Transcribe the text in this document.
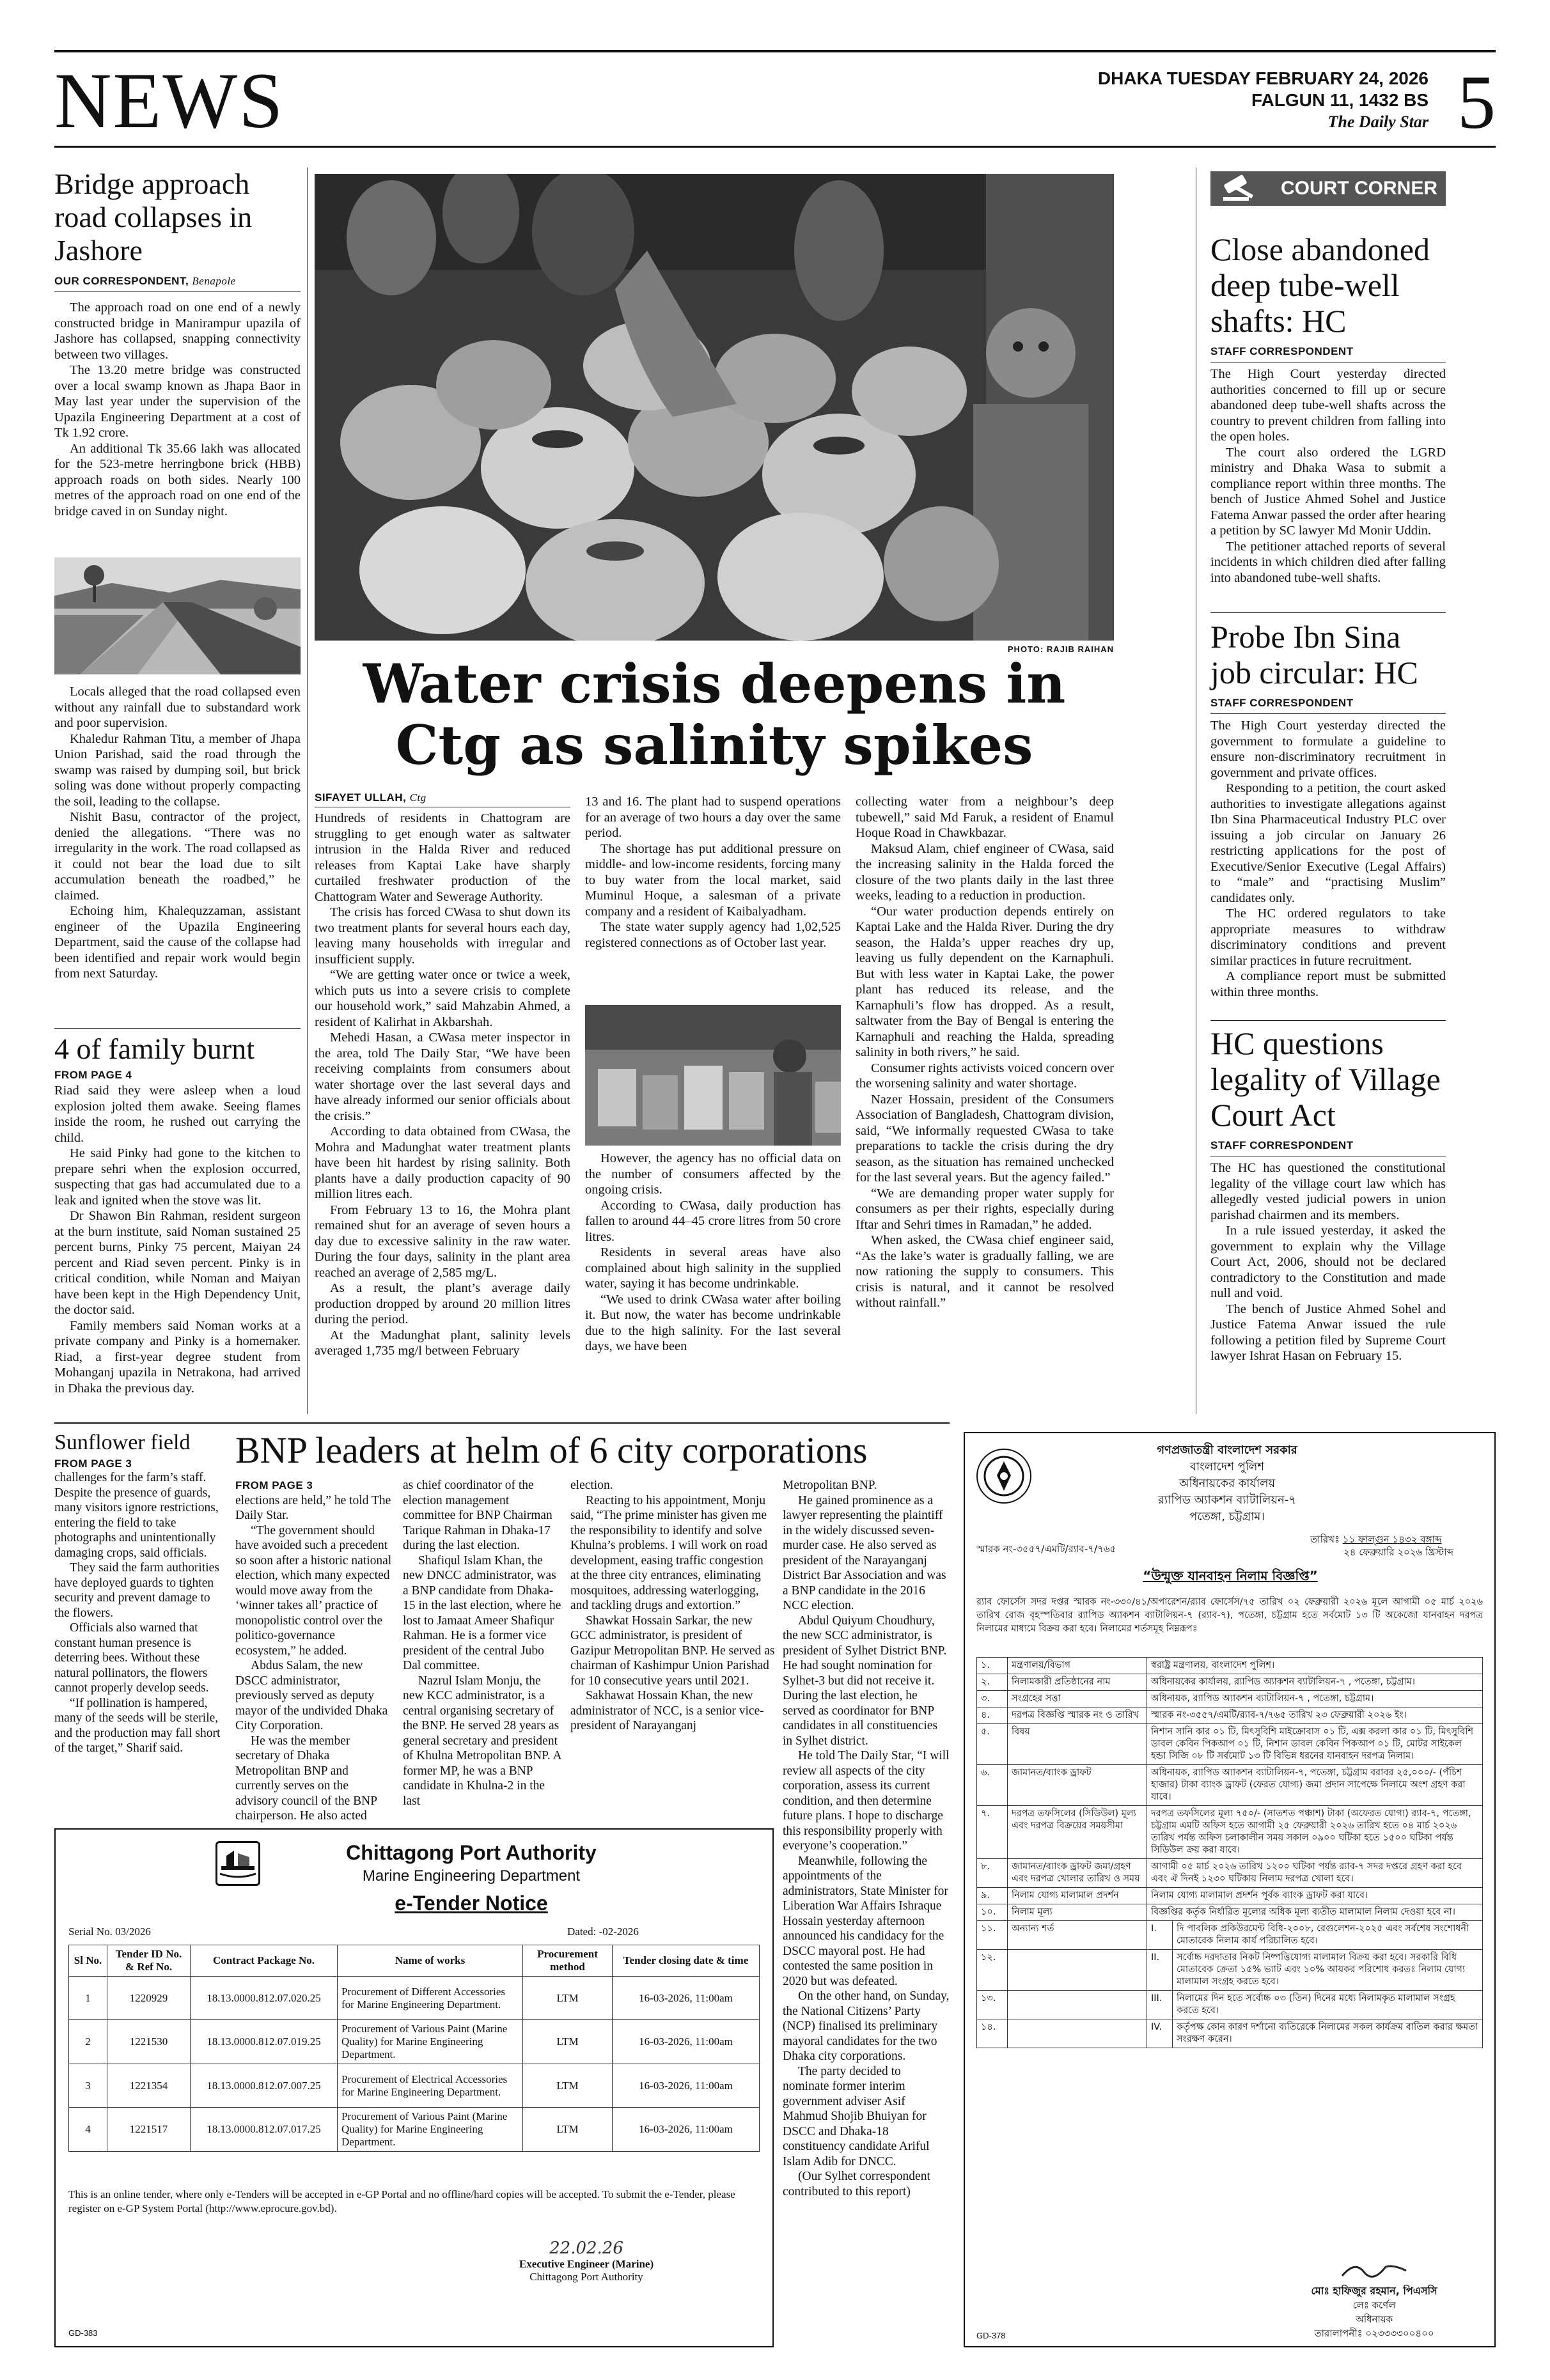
NEWS	DHAKA TUESDAY FEBRUARY 24, 2026
FALGUN 11, 1432 BS
The Daily Star 5
Bridge approach road collapses in Jashore
OUR CORRESPONDENT, Benapole

The approach road on one end of a newly constructed bridge in Manirampur upazila of Jashore has collapsed, snapping connectivity between two villages.

The 13.20 metre bridge was constructed over a local swamp known as Jhapa Baor in May last year under the supervision of the Upazila Engineering Department at a cost of Tk 1.92 crore.

An additional Tk 35.66 lakh was allocated for the 523-metre herringbone brick (HBB) approach roads on both sides. Nearly 100 metres of the approach road on one end of the bridge caved in on Sunday night.

Locals alleged that the road collapsed even without any rainfall due to substandard work and poor supervision.

Khaledur Rahman Titu, a member of Jhapa Union Parishad, said the road through the swamp was raised by dumping soil, but brick soling was done without properly compacting the soil, leading to the collapse.

Nishit Basu, contractor of the project, denied the allegations. “There was no irregularity in the work. The road collapsed as it could not bear the load due to silt accumulation beneath the roadbed,” he claimed.

Echoing him, Khalequzzaman, assistant engineer of the Upazila Engineering Department, said the cause of the collapse had been identified and repair work would begin from next Saturday.

4 of family burnt
FROM PAGE 4

Riad said they were asleep when a loud explosion jolted them awake. Seeing flames inside the room, he rushed out carrying the child.

He said Pinky had gone to the kitchen to prepare sehri when the explosion occurred, suspecting that gas had accumulated due to a leak and ignited when the stove was lit.

Dr Shawon Bin Rahman, resident surgeon at the burn institute, said Noman sustained 25 percent burns, Pinky 75 percent, Maiyan 24 percent and Riad seven percent. Pinky is in critical condition, while Noman and Maiyan have been kept in the High Dependency Unit, the doctor said.

Family members said Noman works at a private company and Pinky is a homemaker. Riad, a first-year degree student from Mohanganj upazila in Netrakona, had arrived in Dhaka the previous day.

Sunflower field
FROM PAGE 3

challenges for the farm’s staff. Despite the presence of guards, many visitors ignore restrictions, entering the field to take photographs and unintentionally damaging crops, said officials.

They said the farm authorities have deployed guards to tighten security and prevent damage to the flowers.

Officials also warned that constant human presence is deterring bees. Without these natural pollinators, the flowers cannot properly develop seeds.

“If pollination is hampered, many of the seeds will be sterile, and the production may fall short of the target,” Sharif said.

PHOTO: RAJIB RAIHAN
Water crisis deepens in Ctg as salinity spikes
SIFAYET ULLAH, Ctg

Hundreds of residents in Chattogram are struggling to get enough water as saltwater intrusion in the Halda River and reduced releases from Kaptai Lake have sharply curtailed freshwater production of the Chattogram Water and Sewerage Authority.

The crisis has forced CWasa to shut down its two treatment plants for several hours each day, leaving many households with irregular and insufficient supply.

“We are getting water once or twice a week, which puts us into a severe crisis to complete our household work,” said Mahzabin Ahmed, a resident of Kalirhat in Akbarshah.

Mehedi Hasan, a CWasa meter inspector in the area, told The Daily Star, “We have been receiving complaints from consumers about water shortage over the last several days and have already informed our senior officials about the crisis.”

According to data obtained from CWasa, the Mohra and Madunghat water treatment plants have been hit hardest by rising salinity. Both plants have a daily production capacity of 90 million litres each.

From February 13 to 16, the Mohra plant remained shut for an average of seven hours a day due to excessive salinity in the raw water. During the four days, salinity in the plant area reached an average of 2,585 mg/L.

As a result, the plant’s average daily production dropped by around 20 million litres during the period.

At the Madunghat plant, salinity levels averaged 1,735 mg/l between February

13 and 16. The plant had to suspend operations for an average of two hours a day over the same period.

The shortage has put additional pressure on middle- and low-income residents, forcing many to buy water from the local market, said Muminul Hoque, a salesman of a private company and a resident of Kaibalyadham.

The state water supply agency had 1,02,525 registered connections as of October last year.

However, the agency has no official data on the number of consumers affected by the ongoing crisis.

According to CWasa, daily production has fallen to around 44–45 crore litres from 50 crore litres.

Residents in several areas have also complained about high salinity in the supplied water, saying it has become undrinkable.

“We used to drink CWasa water after boiling it. But now, the water has become undrinkable due to the high salinity. For the last several days, we have been

collecting water from a neighbour’s deep tubewell,” said Md Faruk, a resident of Enamul Hoque Road in Chawkbazar.

Maksud Alam, chief engineer of CWasa, said the increasing salinity in the Halda forced the closure of the two plants daily in the last three weeks, leading to a reduction in production.

“Our water production depends entirely on Kaptai Lake and the Halda River. During the dry season, the Halda’s upper reaches dry up, leaving us fully dependent on the Karnaphuli. But with less water in Kaptai Lake, the power plant has reduced its release, and the Karnaphuli’s flow has dropped. As a result, saltwater from the Bay of Bengal is entering the Karnaphuli and reaching the Halda, spreading salinity in both rivers,” he said.

Consumer rights activists voiced concern over the worsening salinity and water shortage.

Nazer Hossain, president of the Consumers Association of Bangladesh, Chattogram division, said, “We informally requested CWasa to take preparations to tackle the crisis during the dry season, as the situation has remained unchecked for the last several years. But the agency failed.”

“We are demanding proper water supply for consumers as per their rights, especially during Iftar and Sehri times in Ramadan,” he added.

When asked, the CWasa chief engineer said, “As the lake’s water is gradually falling, we are now rationing the supply to consumers. This crisis is natural, and it cannot be resolved without rainfall.”

COURT CORNER
Close abandoned deep tube-well shafts: HC
STAFF CORRESPONDENT

The High Court yesterday directed authorities concerned to fill up or secure abandoned deep tube-well shafts across the country to prevent children from falling into the open holes.

The court also ordered the LGRD ministry and Dhaka Wasa to submit a compliance report within three months. The bench of Justice Ahmed Sohel and Justice Fatema Anwar passed the order after hearing a petition by SC lawyer Md Monir Uddin.

The petitioner attached reports of several incidents in which children died after falling into abandoned tube-well shafts.

Probe Ibn Sina job circular: HC
STAFF CORRESPONDENT

The High Court yesterday directed the government to formulate a guideline to ensure non-discriminatory recruitment in government and private offices.

Responding to a petition, the court asked authorities to investigate allegations against Ibn Sina Pharmaceutical Industry PLC over issuing a job circular on January 26 restricting applications for the post of Executive/Senior Executive (Legal Affairs) to “male” and “practising Muslim” candidates only.

The HC ordered regulators to take appropriate measures to withdraw discriminatory conditions and prevent similar practices in future recruitment.

A compliance report must be submitted within three months.

HC questions legality of Village Court Act
STAFF CORRESPONDENT

The HC has questioned the constitutional legality of the village court law which has allegedly vested judicial powers in union parishad chairmen and its members.

In a rule issued yesterday, it asked the government to explain why the Village Court Act, 2006, should not be declared contradictory to the Constitution and made null and void.

The bench of Justice Ahmed Sohel and Justice Fatema Anwar issued the rule following a petition filed by Supreme Court lawyer Ishrat Hasan on February 15.

BNP leaders at helm of 6 city corporations
FROM PAGE 3

elections are held,” he told The Daily Star.

“The government should have avoided such a precedent so soon after a historic national election, which many expected would move away from the ‘winner takes all’ practice of monopolistic control over the politico-governance ecosystem,” he added.

Abdus Salam, the new DSCC administrator, previously served as deputy mayor of the undivided Dhaka City Corporation.

He was the member secretary of Dhaka Metropolitan BNP and currently serves on the advisory council of the BNP chairperson. He also acted

as chief coordinator of the election management committee for BNP Chairman Tarique Rahman in Dhaka-17 during the last election.

Shafiqul Islam Khan, the new DNCC administrator, was a BNP candidate from Dhaka-15 in the last election, where he lost to Jamaat Ameer Shafiqur Rahman. He is a former vice president of the central Jubo Dal committee.

Nazrul Islam Monju, the new KCC administrator, is a central organising secretary of the BNP. He served 28 years as general secretary and president of Khulna Metropolitan BNP. A former MP, he was a BNP candidate in Khulna-2 in the last

election.

Reacting to his appointment, Monju said, “The prime minister has given me the responsibility to identify and solve Khulna’s problems. I will work on road development, easing traffic congestion at the three city entrances, eliminating mosquitoes, addressing waterlogging, and tackling drugs and extortion.”

Shawkat Hossain Sarkar, the new GCC administrator, is president of Gazipur Metropolitan BNP. He served as chairman of Kashimpur Union Parishad for 10 consecutive years until 2021.

Sakhawat Hossain Khan, the new administrator of NCC, is a senior vice-president of Narayanganj

Metropolitan BNP.

He gained prominence as a lawyer representing the plaintiff in the widely discussed seven-murder case. He also served as president of the Narayanganj District Bar Association and was a BNP candidate in the 2016 NCC election.

Abdul Quiyum Choudhury, the new SCC administrator, is president of Sylhet District BNP. He had sought nomination for Sylhet-3 but did not receive it. During the last election, he served as coordinator for BNP candidates in all constituencies in Sylhet district.

He told The Daily Star, “I will review all aspects of the city corporation, assess its current condition, and then determine future plans. I hope to discharge this responsibility properly with everyone’s cooperation.”

Meanwhile, following the appointments of the administrators, State Minister for Liberation War Affairs Ishraque Hossain yesterday afternoon announced his candidacy for the DSCC mayoral post. He had contested the same position in 2020 but was defeated.

On the other hand, on Sunday, the National Citizens’ Party (NCP) finalised its preliminary mayoral candidates for the two Dhaka city corporations.

The party decided to nominate former interim government adviser Asif Mahmud Shojib Bhuiyan for DSCC and Dhaka-18 constituency candidate Ariful Islam Adib for DNCC.

(Our Sylhet correspondent contributed to this report)

Chittagong Port Authority
Marine Engineering Department
e-Tender Notice
Serial No. 03/2026	Dated: -02-2026
Sl No.	Tender ID No. & Ref No.	Contract Package No.	Name of works	Procurement method	Tender closing date & time
1	1220929	18.13.0000.812.07.020.25	Procurement of Different Accessories for Marine Engineering Department.	LTM	16-03-2026, 11:00am
2	1221530	18.13.0000.812.07.019.25	Procurement of Various Paint (Marine Quality) for Marine Engineering Department.	LTM	16-03-2026, 11:00am
3	1221354	18.13.0000.812.07.007.25	Procurement of Electrical Accessories for Marine Engineering Department.	LTM	16-03-2026, 11:00am
4	1221517	18.13.0000.812.07.017.25	Procurement of Various Paint (Marine Quality) for Marine Engineering Department.	LTM	16-03-2026, 11:00am
This is an online tender, where only e-Tenders will be accepted in e-GP Portal and no offline/hard copies will be accepted. To submit the e-Tender, please register on e-GP System Portal (http://www.eprocure.gov.bd).
22.02.26
Executive Engineer (Marine)
Chittagong Port Authority
GD-383
গণপ্রজাতন্ত্রী বাংলাদেশ সরকার
বাংলাদেশ পুলিশ
অধিনায়কের কার্যালয়
র‌্যাপিড অ্যাকশন ব্যাটালিয়ন-৭
পতেঙ্গা, চট্টগ্রাম।
স্মারক নং-৩৫৫৭/এমটি/র‌্যাব-৭/৭৬৫
তারিখঃ ১১ ফাল্গুন ১৪৩২ বঙ্গাব্দ
২৪ ফেব্রুয়ারি ২০২৬ খ্রিস্টাব্দ
“উন্মুক্ত যানবাহন নিলাম বিজ্ঞপ্তি”
র‌্যাব ফোর্সেস সদর দপ্তর স্মারক নং-৩৩০/৪১/অপারেশন/র‌্যাব ফোর্সেস/৭৫ তারিখ ০২ ফেব্রুয়ারী ২০২৬ মূলে আগামী ০৫ মার্চ ২০২৬ তারিখ রোজ বৃহস্পতিবার র‌্যাপিড অ্যাকশন ব্যাটালিয়ন-৭ (র‌্যাব-৭), পতেঙ্গা, চট্টগ্রাম হতে সর্বমোট ১৩ টি অকেজো যানবাহন দরপত্র নিলামের মাধ্যমে বিক্রয় করা হবে। নিলামের শর্তসমূহ নিম্নরূপঃ
১.	মন্ত্রণালয়/বিভাগ	স্বরাষ্ট্র মন্ত্রণালয়, বাংলাদেশ পুলিশ।	
২.	নিলামকারী প্রতিষ্ঠানের নাম	অধিনায়কের কার্যালয়, র‌্যাপিড অ্যাকশন ব্যাটালিয়ন-৭ , পতেঙ্গা, চট্টগ্রাম।	
৩.	সংগ্রহের সত্তা	অধিনায়ক, র‌্যাপিড অ্যাকশন ব্যাটালিয়ন-৭ , পতেঙ্গা, চট্টগ্রাম।	
৪.	দরপত্র বিজ্ঞপ্তি স্মারক নং ও তারিখ	স্মারক নং-৩৫৫৭/এমটি/র‌্যাব-৭/৭৬৫ তারিখ ২৩ ফেব্রুয়ারী ২০২৬ ইং।	
৫.	বিষয়	নিশান সানি কার ০১ টি, মিৎসুবিশি মাইক্রোবাস ০১ টি, এক্স করলা কার ০১ টি, মিৎসুবিশি ডাবল কেবিন পিকআপ ০১ টি, নিশান ডাবল কেবিন পিকআপ ০১ টি, মোটর সাইকেল হন্ডা সিজি ০৮ টি সর্বমোট ১৩ টি বিভিন্ন ধরনের যানবাহন দরপত্র নিলাম।	
৬.	জামানত/ব্যাংক ড্রাফট	অধিনায়ক, র‌্যাপিড অ্যাকশন ব্যাটালিয়ন-৭, পতেঙ্গা, চট্টগ্রাম বরাবর ২৫,০০০/- (পঁচিশ হাজার) টাকা ব্যাংক ড্রাফট (ফেরত যোগ্য) জমা প্রদান সাপেক্ষে নিলামে অংশ গ্রহণ করা যাবে।	
৭.	দরপত্র তফসিলের (সিডিউল) মূল্য এবং দরপত্র বিক্রয়ের সময়সীমা	দরপত্র তফসিলের মূল্য ৭৫০/- (সাতশত পঞ্চাশ) টাকা (অফেরত যোগ্য) র‌্যাব-৭, পতেঙ্গা, চট্টগ্রাম এমটি অফিস হতে আগামী ২৫ ফেব্রুয়ারী ২০২৬ তারিখ হতে ০৪ মার্চ ২০২৬ তারিখ পর্যন্ত অফিস চলাকালীন সময় সকাল ০৯০০ ঘটিকা হতে ১৫০০ ঘটিকা পর্যন্ত সিডিউল ক্রয় করা যাবে।	
৮.	জামানত/ব্যাংক ড্রাফট জমা/গ্রহণ এবং দরপত্র খোলার তারিখ ও সময়	আগামী ০৫ মার্চ ২০২৬ তারিখ ১২০০ ঘটিকা পর্যন্ত র‌্যাব-৭ সদর দপ্তরে গ্রহণ করা হবে এবং ঐ দিনই ১২৩০ ঘটিকায় নিলাম দরপত্র খোলা হবে।	
৯.	নিলাম যোগ্য মালামাল প্রদর্শন	নিলাম যোগ্য মালামাল প্রদর্শন পূর্বক ব্যাংক ড্রাফট করা যাবে।	
১০.	নিলাম মূল্য	বিজ্ঞপ্তির কর্তৃক নির্ধারিত মূল্যের অধিক মূল্য ব্যতীত মালামাল নিলাম দেওয়া হবে না।	
১১.	অন্যান্য শর্ত	I.	দি পাবলিক প্রকিউরমেন্ট বিধি-২০০৮, রেগুলেশন-২০২৫ এবং সর্বশেষ সংশোধনী মোতাবেক নিলাম কার্য পরিচালিত হবে।
১২.		II.	সর্বোচ্চ দরদাতার নিকট নিষ্পত্তিযোগ্য মালামাল বিক্রয় করা হবে। সরকারি বিধি মোতাবেক ক্রেতা ১৫% ভ্যাট এবং ১০% আয়কর পরিশোধ করতঃ নিলাম যোগ্য মালামাল সংগ্রহ করতে হবে।
১৩.		III.	নিলামের দিন হতে সর্বোচ্চ ০৩ (তিন) দিনের মধ্যে নিলামকৃত মালামাল সংগ্রহ করতে হবে।
১৪.		IV.	কর্তৃপক্ষ কোন কারণ দর্শানো ব্যতিরেকে নিলামের সকল কার্যক্রম বাতিল করার ক্ষমতা সংরক্ষণ করেন।
মোঃ হাফিজুর রহমান, পিএসসি
লেঃ কর্ণেল
অধিনায়ক
তারালাপনীঃ ০২৩৩৩৩০০৪০০
GD-378
